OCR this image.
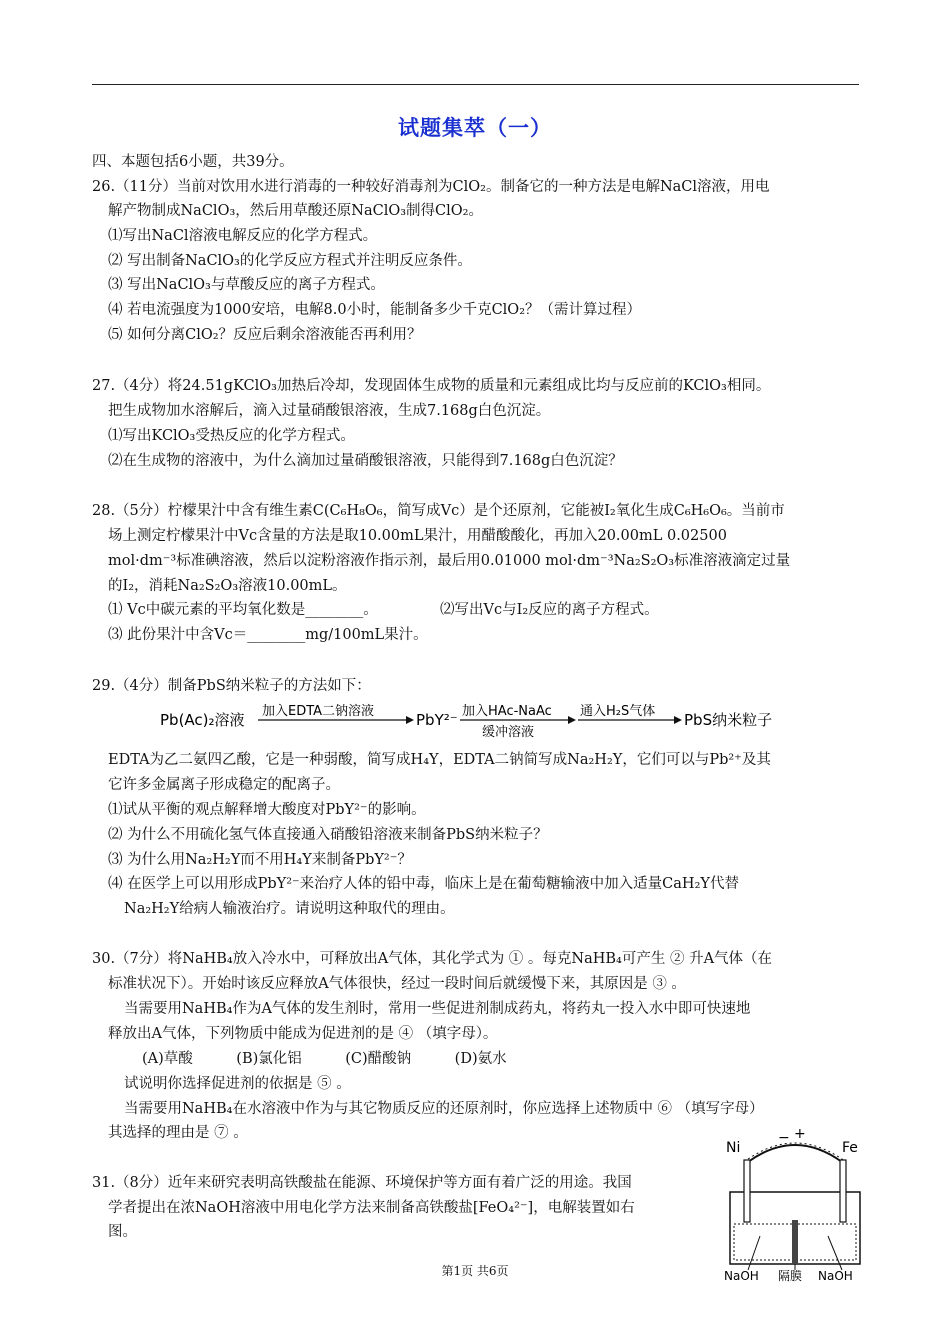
试题集萃（一）
四、本题包括6小题，共39分。
26.（11分）当前对饮用水进行消毒的一种较好消毒剂为ClO₂。制备它的一种方法是电解NaCl溶液，用电
解产物制成NaClO₃，然后用草酸还原NaClO₃制得ClO₂。
⑴写出NaCl溶液电解反应的化学方程式。
⑵ 写出制备NaClO₃的化学反应方程式并注明反应条件。
⑶ 写出NaClO₃与草酸反应的离子方程式。
⑷ 若电流强度为1000安培，电解8.0小时，能制备多少千克ClO₂？（需计算过程）
⑸ 如何分离ClO₂？反应后剩余溶液能否再利用？
27.（4分）将24.51gKClO₃加热后冷却，发现固体生成物的质量和元素组成比均与反应前的KClO₃相同。
把生成物加水溶解后，滴入过量硝酸银溶液，生成7.168g白色沉淀。
⑴写出KClO₃受热反应的化学方程式。
⑵在生成物的溶液中，为什么滴加过量硝酸银溶液，只能得到7.168g白色沉淀？
28.（5分）柠檬果汁中含有维生素C(C₆H₈O₆，简写成Vc）是个还原剂，它能被I₂氧化生成C₆H₆O₆。当前市
场上测定柠檬果汁中Vc含量的方法是取10.00mL果汁，用醋酸酸化，再加入20.00mL 0.02500
mol·dm⁻³标准碘溶液，然后以淀粉溶液作指示剂，最后用0.01000 mol·dm⁻³Na₂S₂O₃标准溶液滴定过量
的I₂，消耗Na₂S₂O₃溶液10.00mL。
⑴ Vc中碳元素的平均氧化数是________。	⑵写出Vc与I₂反应的离子方程式。
⑶ 此份果汁中含Vc＝________mg/100mL果汁。
29.（4分）制备PbS纳米粒子的方法如下：
Pb(Ac)₂溶液 加入EDTA二钠溶液	PbY²⁻ 加入HAc-NaAc
缓冲溶液
通入H₂S气体 PbS纳米粒子
EDTA为乙二氨四乙酸，它是一种弱酸，简写成H₄Y，EDTA二钠简写成Na₂H₂Y，它们可以与Pb²⁺及其
它许多金属离子形成稳定的配离子。
⑴试从平衡的观点解释增大酸度对PbY²⁻的影响。
⑵ 为什么不用硫化氢气体直接通入硝酸铅溶液来制备PbS纳米粒子？
⑶ 为什么用Na₂H₂Y而不用H₄Y来制备PbY²⁻？
⑷ 在医学上可以用形成PbY²⁻来治疗人体的铅中毒，临床上是在葡萄糖输液中加入适量CaH₂Y代替
Na₂H₂Y给病人输液治疗。请说明这种取代的理由。
30.（7分）将NaHB₄放入冷水中，可释放出A气体，其化学式为 ① 。每克NaHB₄可产生 ② 升A气体（在
标准状况下）。开始时该反应释放A气体很快，经过一段时间后就缓慢下来，其原因是 ③ 。
当需要用NaHB₄作为A气体的发生剂时，常用一些促进剂制成药丸，将药丸一投入水中即可快速地
释放出A气体，下列物质中能成为促进剂的是 ④ （填字母）。
(A)草酸　　　(B)氯化铝　　　(C)醋酸钠　　　(D)氨水
试说明你选择促进剂的依据是 ⑤ 。
当需要用NaHB₄在水溶液中作为与其它物质反应的还原剂时，你应选择上述物质中 ⑥ （填写字母）
其选择的理由是 ⑦ 。
31.（8分）近年来研究表明高铁酸盐在能源、环境保护等方面有着广泛的用途。我国
学者提出在浓NaOH溶液中用电化学方法来制备高铁酸盐[FeO₄²⁻]，电解装置如右
图。
Ni	Fe
− +
NaOH 隔膜 NaOH
第1页 共6页
